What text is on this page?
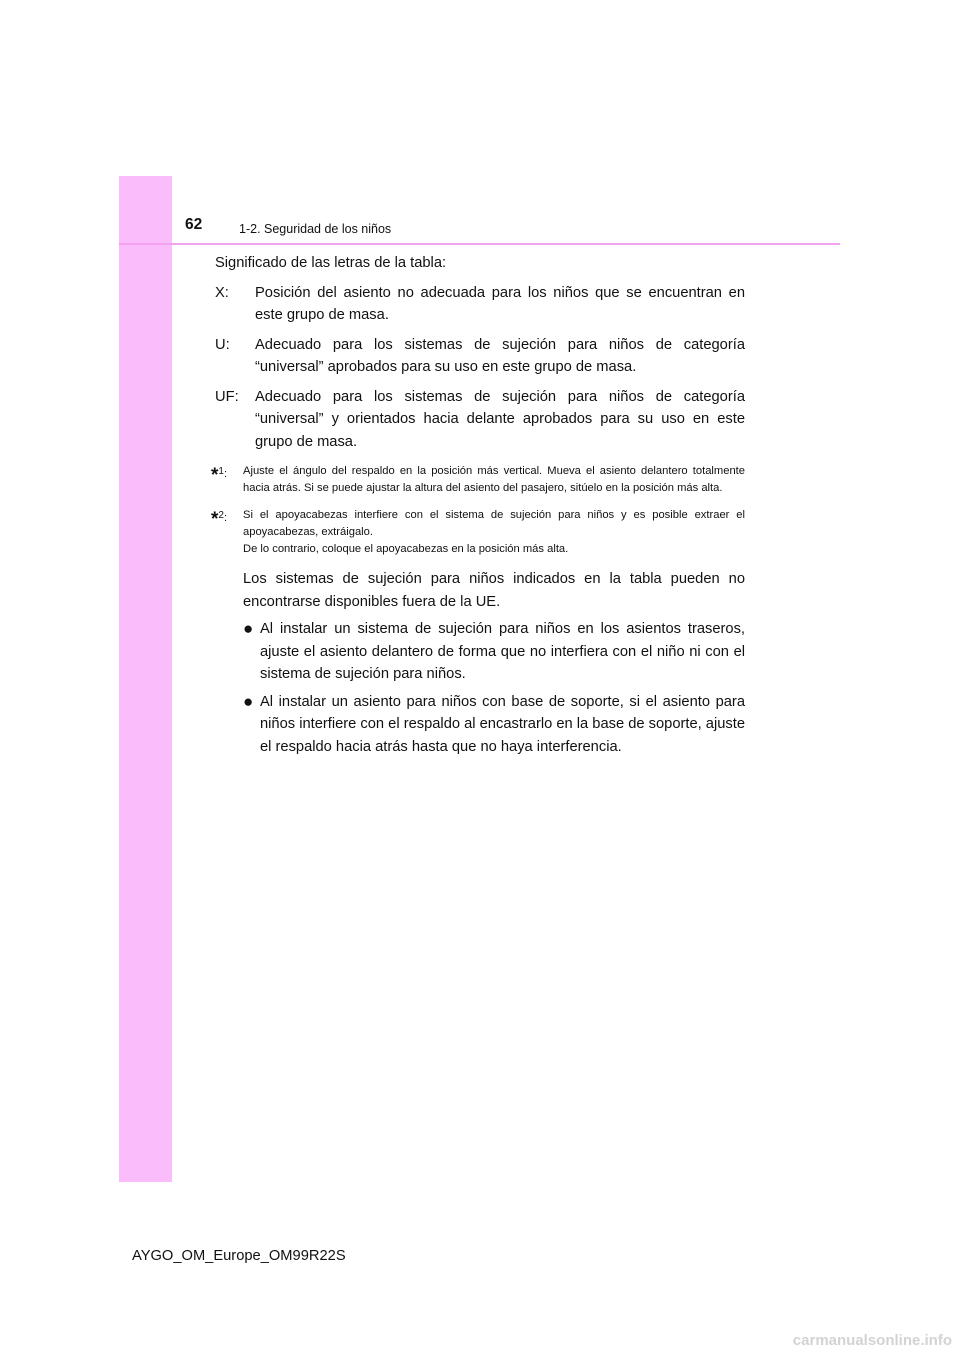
62	1-2. Seguridad de los niños

Significado de las letras de la tabla:

X:	Posición del asiento no adecuada para los niños que se encuentran en este grupo de masa.
U:	Adecuado para los sistemas de sujeción para niños de categoría “universal” aprobados para su uso en este grupo de masa.
UF:	Adecuado para los sistemas de sujeción para niños de categoría “universal” y orientados hacia delante aprobados para su uso en este grupo de masa.
*1:	Ajuste el ángulo del respaldo en la posición más vertical. Mueva el asiento delantero totalmente hacia atrás. Si se puede ajustar la altura del asiento del pasajero, sitúelo en la posición más alta.
*2:	Si el apoyacabezas interfiere con el sistema de sujeción para niños y es posible extraer el apoyacabezas, extráigalo.
De lo contrario, coloque el apoyacabezas en la posición más alta.

Los sistemas de sujeción para niños indicados en la tabla pueden no encontrarse disponibles fuera de la UE.

● Al instalar un sistema de sujeción para niños en los asientos traseros, ajuste el asiento delantero de forma que no interfiera con el niño ni con el sistema de sujeción para niños.
● Al instalar un asiento para niños con base de soporte, si el asiento para niños interfiere con el respaldo al encastrarlo en la base de soporte, ajuste el respaldo hacia atrás hasta que no haya interferencia.
AYGO_OM_Europe_OM99R22S
carmanualsonline.info
